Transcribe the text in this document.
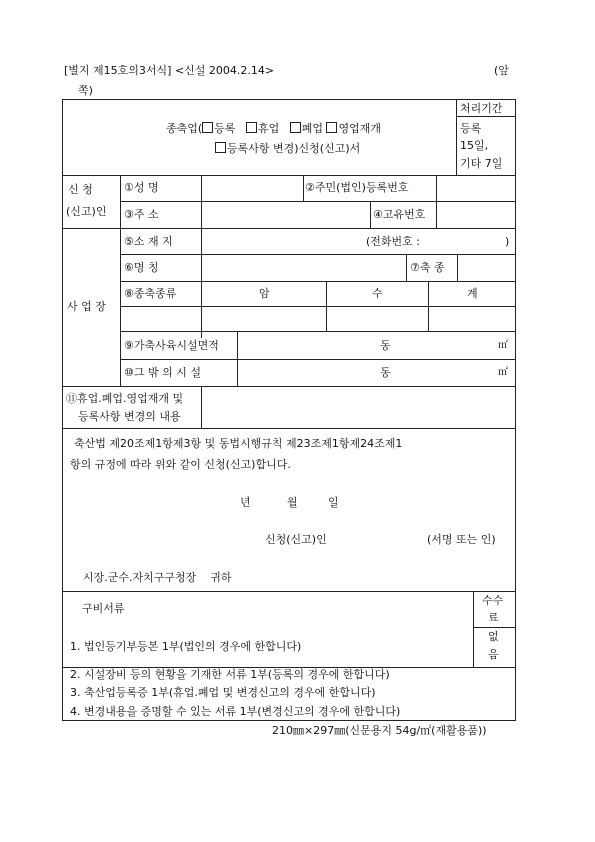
[별지 제15호의3서식] <신설 2004.2.14>	(앞
쪽)
종축업( 등록 휴업 폐업 영업재개
등록사항 변경)신청(신고)서
처리기간
등록
15일,
기타 7일
신 청
(신고)인
①성 명	②주민(법인)등록번호
③주 소	④고유번호
사 업 장
⑤소 재 지	(전화번호 :	)
⑥명 칭	⑦축 종
⑧종축종류	암	수	계
⑨가축사육시설면적	동	㎡
⑩그 밖 의 시 설	동	㎡
⑪휴업.폐업.영업재개 및
등록사항 변경의 내용
축산법 제20조제1항제3항 및 동법시행규칙 제23조제1항제24조제1
항의 규정에 따라 위와 같이 신청(신고)합니다.
년	월	일
신청(신고)인	(서명 또는 인)
시장.군수.자치구구청장 귀하
구비서류
수수
료
없
음
1. 법인등기부등본 1부(법인의 경우에 한합니다)
2. 시설장비 등의 현황을 기재한 서류 1부(등록의 경우에 한합니다)
3. 축산업등록증 1부(휴업.폐업 및 변경신고의 경우에 한합니다)
4. 변경내용을 증명할 수 있는 서류 1부(변경신고의 경우에 한합니다)
210㎜×297㎜(신문용지 54g/㎡(재활용품))
